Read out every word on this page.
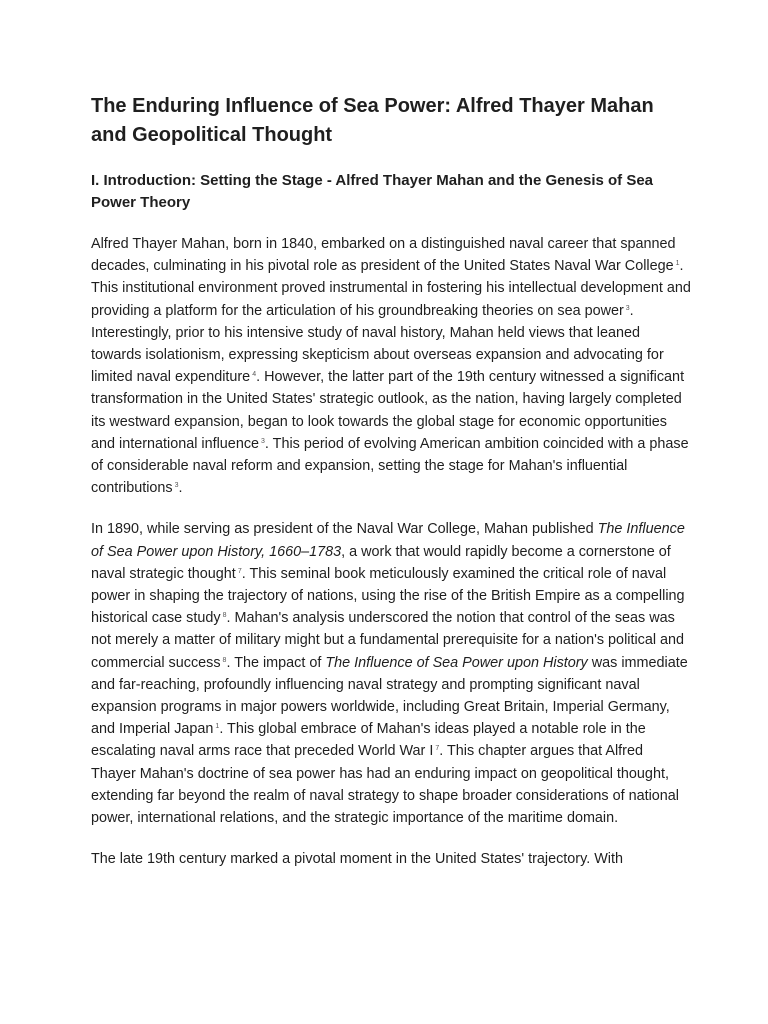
The Enduring Influence of Sea Power: Alfred Thayer Mahan and Geopolitical Thought
I. Introduction: Setting the Stage - Alfred Thayer Mahan and the Genesis of Sea Power Theory

Alfred Thayer Mahan, born in 1840, embarked on a distinguished naval career that spanned decades, culminating in his pivotal role as president of the United States Naval War College $^1$. This institutional environment proved instrumental in fostering his intellectual development and providing a platform for the articulation of his groundbreaking theories on sea power $^3$. Interestingly, prior to his intensive study of naval history, Mahan held views that leaned towards isolationism, expressing skepticism about overseas expansion and advocating for limited naval expenditure $^4$. However, the latter part of the 19th century witnessed a significant transformation in the United States' strategic outlook, as the nation, having largely completed its westward expansion, began to look towards the global stage for economic opportunities and international influence $^3$. This period of evolving American ambition coincided with a phase of considerable naval reform and expansion, setting the stage for Mahan's influential contributions $^3$.

In 1890, while serving as president of the Naval War College, Mahan published The Influence of Sea Power upon History, 1660–1783, a work that would rapidly become a cornerstone of naval strategic thought $^7$. This seminal book meticulously examined the critical role of naval power in shaping the trajectory of nations, using the rise of the British Empire as a compelling historical case study $^8$. Mahan's analysis underscored the notion that control of the seas was not merely a matter of military might but a fundamental prerequisite for a nation's political and commercial success $^8$. The impact of The Influence of Sea Power upon History was immediate and far-reaching, profoundly influencing naval strategy and prompting significant naval expansion programs in major powers worldwide, including Great Britain, Imperial Germany, and Imperial Japan $^1$. This global embrace of Mahan's ideas played a notable role in the escalating naval arms race that preceded World War I $^7$. This chapter argues that Alfred Thayer Mahan's doctrine of sea power has had an enduring impact on geopolitical thought, extending far beyond the realm of naval strategy to shape broader considerations of national power, international relations, and the strategic importance of the maritime domain.

The late 19th century marked a pivotal moment in the United States' trajectory. With
